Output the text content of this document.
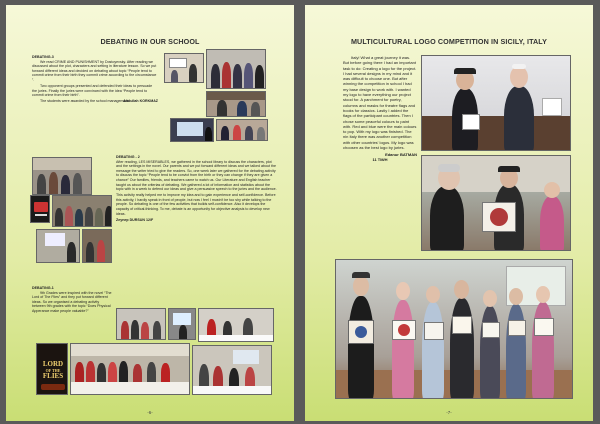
DEBATING IN OUR SCHOOL
DEBATING-3

We read CRIME AND PUNISHMENT by Dostoyevsky. After reading we discussed about the plot, characters and setting in literature lesson. So we put forward different ideas and decided on debating about topic “People tend to commit crime from their birth they commit crime according to the circumstance ”.

Two opponent groups presented and defended their ideas to persuade the juries. Finally the juries were convinced with the idea “People tend to commit crime from their birth”.

The students were awarded by the school management.

Abdullah KORKMAZ
DEBATING - 2

After reading, LES MISERABLES, we gathered in the school library to discuss the characters, plot and the settings in the novel. Our parents and we put forward different ideas and we talked about the message the writer tried to give the readers. So, one week later we gathered for the debating activity to discuss the topic “People tend to be convict from the birth or they can change if they are given a chance” Our families, friends, and teachers came to watch us. Our Literature and English teacher taught us about the criterias of debating. We gathered a lot of information and statistics about the topic with in a week to defend our ideas and give a persuasive speech to the juries and the audience.

This activity really helped me to improve my idea and to gain experience and self-confidence. Before this activity, I hardly speak in front of people, but now I feel I mustn't be too shy while talking to the people. So debating is one of the few activities that builds self-confidence. Also it develops the capacity of critical-thinking. To me, debate is an opportunity for objective analysis to develop new ideas.

Zeynep DURSUN 12/F
DEBATING-1

9th Grades were inspired with the novel “The Lord of The Flies” and they put forward different ideas. So we organised a debating activity between 9th grades with the topic “Does Physical Apperance make people valuable?”

LORD
OF THE
FLIES
-6-
MULTICULTURAL LOGO COMPETITION IN SICILY, ITALY

Italy! What a great journey it was. But before going there I had an important task to do: Creating a logo for the project. I had several designs in my mind and it was difficult to choose one. But after winning the competition in school I had my base design to work with. I wanted my logo to have everything our project stood for. A parchment for poetry, columns and masks for theatre flags and books for classics. Lastly I added the flags of the participant countries. Then I chose some peaceful colours to paint with. Red and blue were the main colours to pop. With my logo was finished. The nin Italy there was another competition with other countries' logos. My logo was choosen as the best logo by juries.

Edanur BATMAN
11 TM/H
-7-
